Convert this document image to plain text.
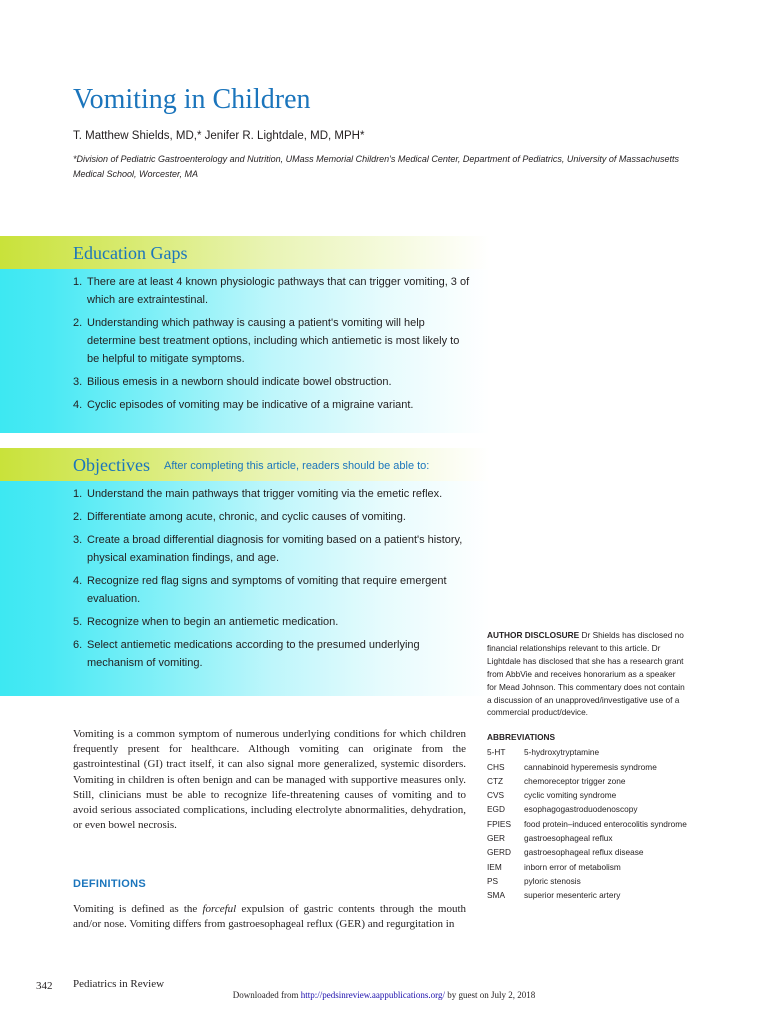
Vomiting in Children
T. Matthew Shields, MD,* Jenifer R. Lightdale, MD, MPH*
*Division of Pediatric Gastroenterology and Nutrition, UMass Memorial Children's Medical Center, Department of Pediatrics, University of Massachusetts Medical School, Worcester, MA
Education Gaps
1. There are at least 4 known physiologic pathways that can trigger vomiting, 3 of which are extraintestinal.
2. Understanding which pathway is causing a patient's vomiting will help determine best treatment options, including which antiemetic is most likely to be helpful to mitigate symptoms.
3. Bilious emesis in a newborn should indicate bowel obstruction.
4. Cyclic episodes of vomiting may be indicative of a migraine variant.
Objectives After completing this article, readers should be able to:
1. Understand the main pathways that trigger vomiting via the emetic reflex.
2. Differentiate among acute, chronic, and cyclic causes of vomiting.
3. Create a broad differential diagnosis for vomiting based on a patient's history, physical examination findings, and age.
4. Recognize red flag signs and symptoms of vomiting that require emergent evaluation.
5. Recognize when to begin an antiemetic medication.
6. Select antiemetic medications according to the presumed underlying mechanism of vomiting.

Vomiting is a common symptom of numerous underlying conditions for which children frequently present for healthcare. Although vomiting can originate from the gastrointestinal (GI) tract itself, it can also signal more generalized, systemic disorders. Vomiting in children is often benign and can be managed with supportive measures only. Still, clinicians must be able to recognize life-threatening causes of vomiting and to avoid serious associated complications, including electrolyte abnormalities, dehydration, or even bowel necrosis.

DEFINITIONS

Vomiting is defined as the forceful expulsion of gastric contents through the mouth and/or nose. Vomiting differs from gastroesophageal reflux (GER) and regurgitation in

AUTHOR DISCLOSURE Dr Shields has disclosed no financial relationships relevant to this article. Dr Lightdale has disclosed that she has a research grant from AbbVie and receives honorarium as a speaker for Mead Johnson. This commentary does not contain a discussion of an unapproved/investigative use of a commercial product/device.
ABBREVIATIONS
5-HT	5-hydroxytryptamine
CHS	cannabinoid hyperemesis syndrome
CTZ	chemoreceptor trigger zone
CVS	cyclic vomiting syndrome
EGD	esophagogastroduodenoscopy
FPIES	food protein–induced enterocolitis syndrome
GER	gastroesophageal reflux
GERD	gastroesophageal reflux disease
IEM	inborn error of metabolism
PS	pyloric stenosis
SMA	superior mesenteric artery
342 Pediatrics in Review
Downloaded from http://pedsinreview.aappublications.org/ by guest on July 2, 2018
